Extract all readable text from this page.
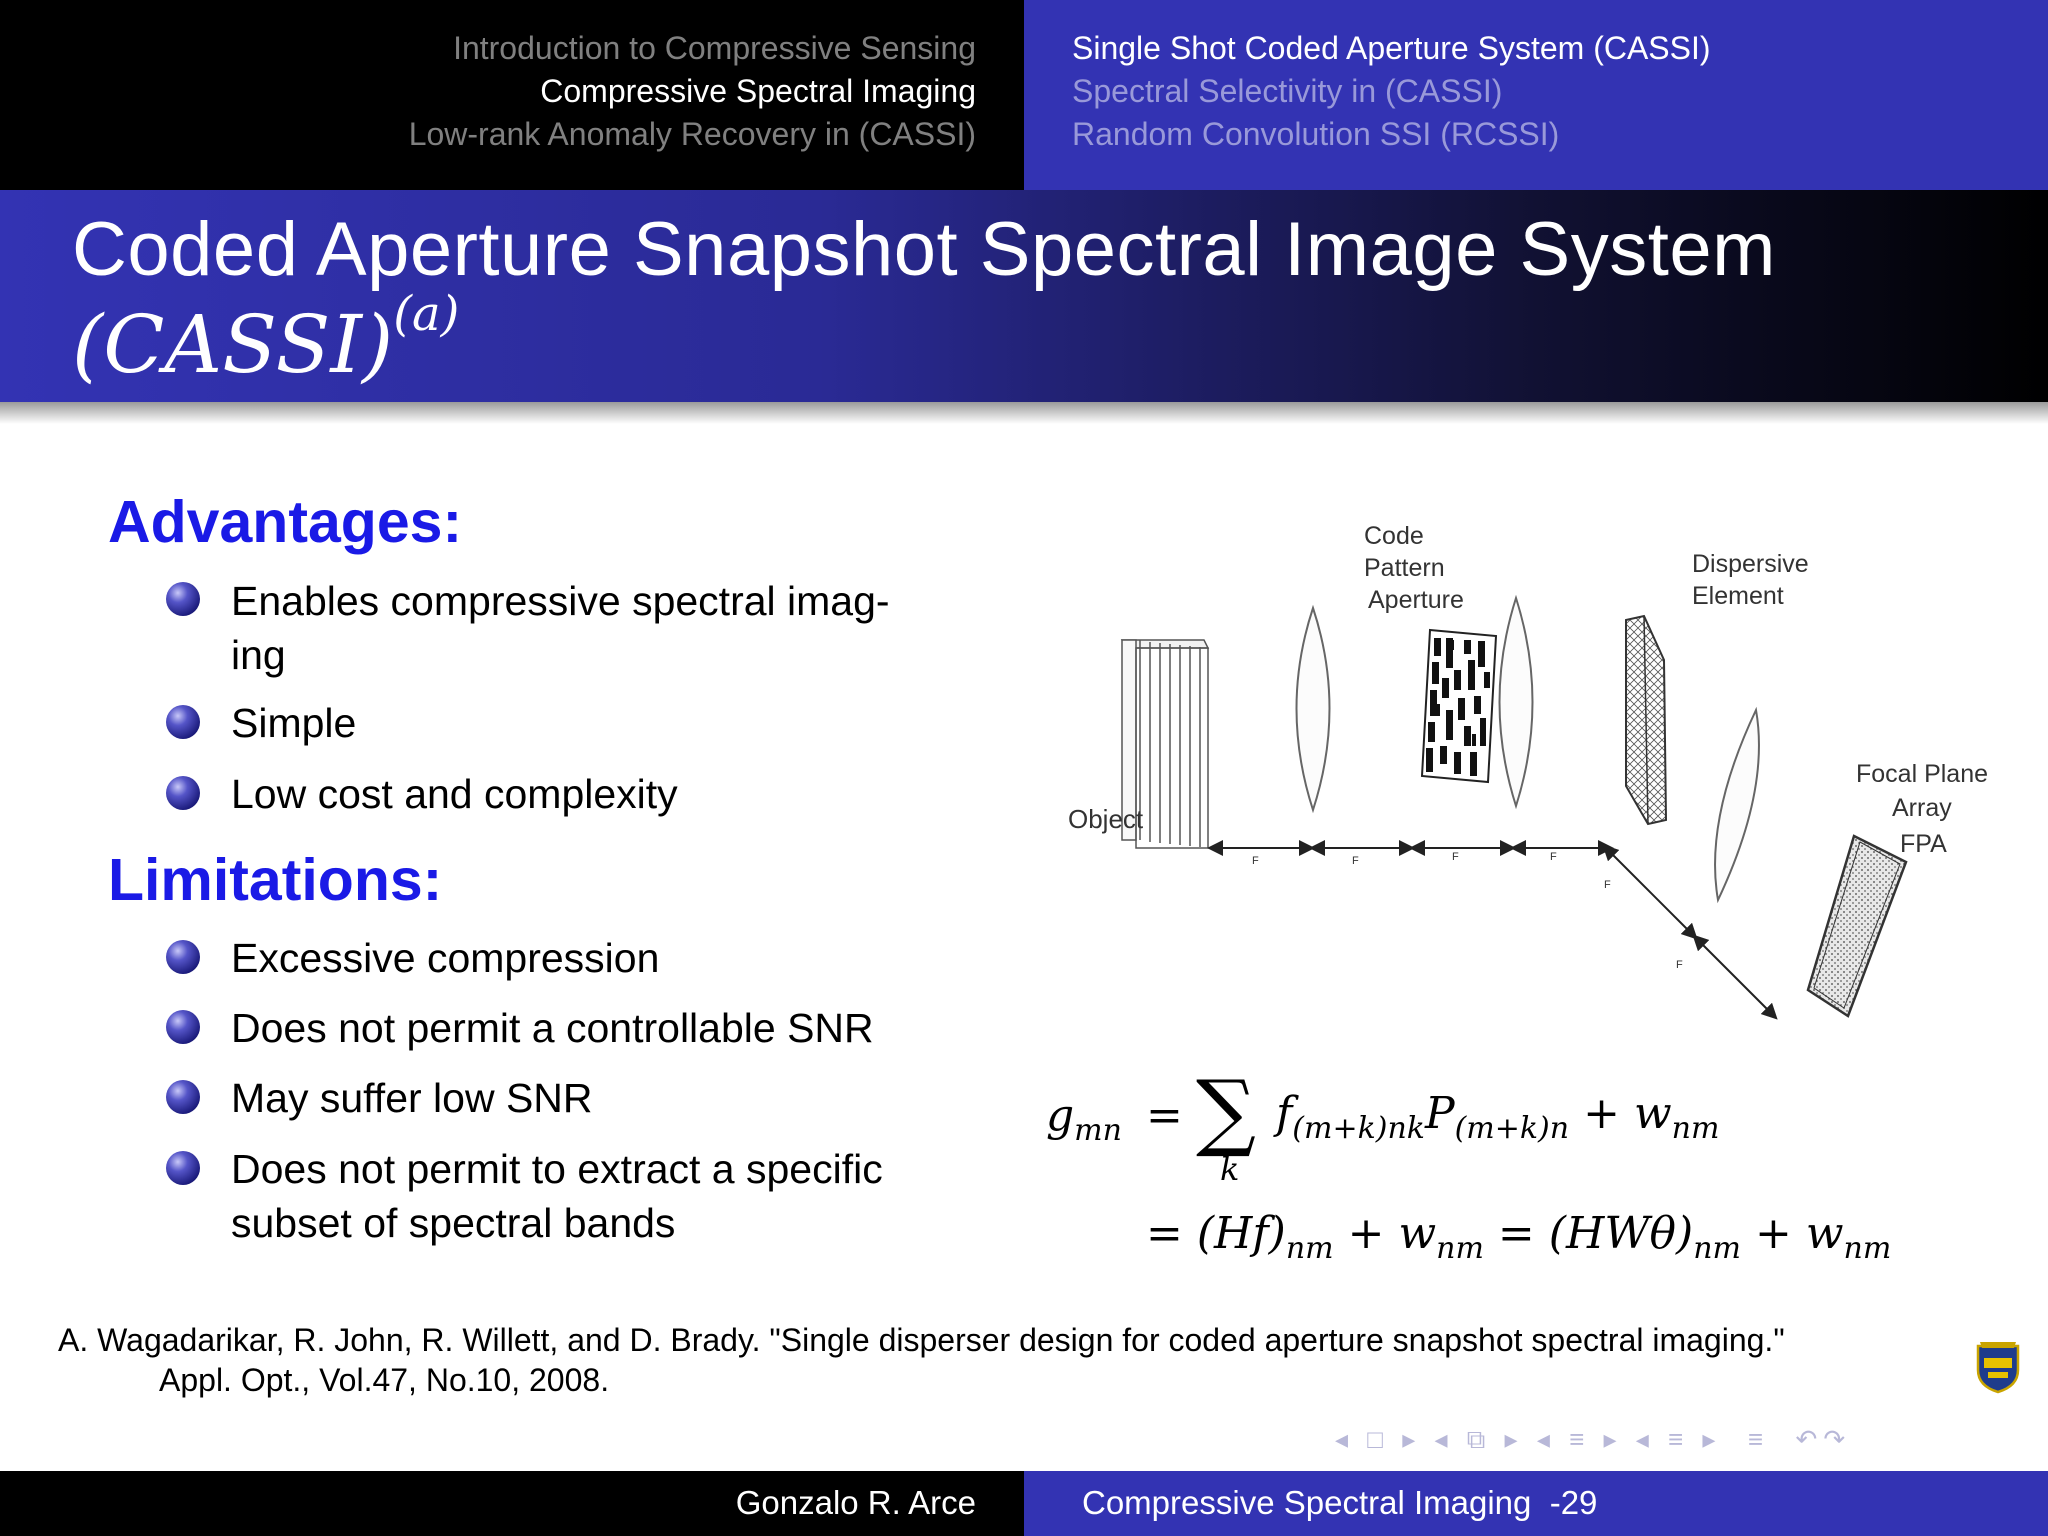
Introduction to Compressive Sensing
Compressive Spectral Imaging
Low-rank Anomaly Recovery in (CASSI)
Single Shot Coded Aperture System (CASSI)
Spectral Selectivity in (CASSI)
Random Convolution SSI (RCSSI)
Coded Aperture Snapshot Spectral Image System
(CASSI)$^{(a)}$
Advantages:
Enables compressive spectral imag-
ing
Simple
Low cost and complexity
Limitations:
Excessive compression
Does not permit a controllable SNR
May suffer low SNR
Does not permit to extract a specific
subset of spectral bands
Object
Code
Pattern
Aperture
Dispersive
Element
Focal Plane
Array
FPA
F	F	F	F
F
F
$g_{mn}$ = ∑
k
$f_{(m+k)nk}P_{(m+k)n} + w_{nm}$
= $(Hf)_{nm} + w_{nm} = (HW\theta)_{nm} + w_{nm}$
A. Wagadarikar, R. John, R. Willett, and D. Brady. "Single disperser design for coded aperture snapshot spectral imaging."
Appl. Opt., Vol.47, No.10, 2008.
◂ □ ▸ ◂ ⧉ ▸ ◂ ≡ ▸ ◂ ≡ ▸  ≡  ↶↷
Gonzalo R. Arce	Compressive Spectral Imaging -29
